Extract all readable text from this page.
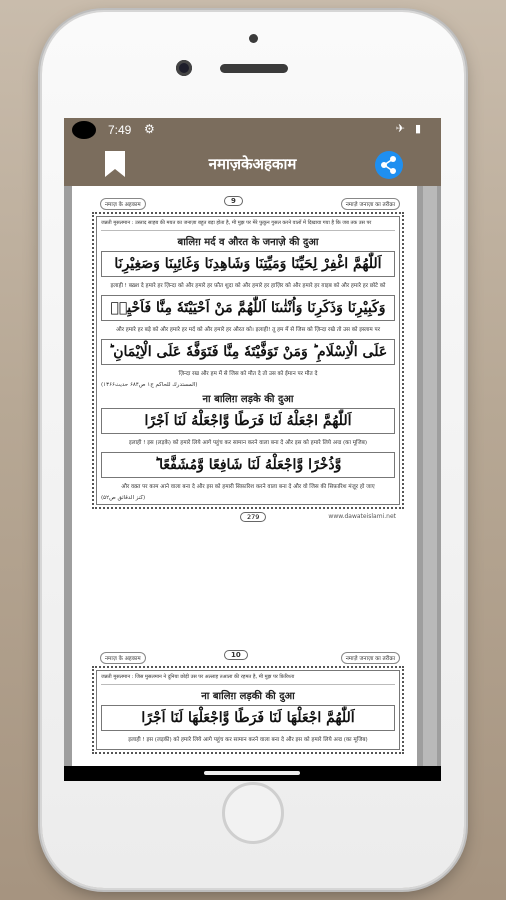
7:49 ⚙	✈ ▮
नमाज़केअहकाम
नमाज़ के अहकाम	9	नमाज़े जनाज़ा का तरीक़ा
जन्नती मुसलमान : उस्ताद साहब की मयत का जनाज़ा बहुत बड़ा होता है, मी मुझ पर मेरे फुकुन गुसल करने वालों में दिखाया गया है कि जब तक उस पर
बालिग़ मर्द व औरत के जनाज़े की दुआ
اَللّٰهُمَّ اغْفِرْ لِحَیِّنَا وَمَیِّتِنَا وَشَاهِدِنَا وَغَائِبِنَا وَصَغِیْرِنَا
इलाही ! बख़्श दे हमारे हर ज़िन्दा को और हमारे हर फ़ौत शुदा को और हमारे हर हाज़िर को और हमारे हर ग़ाइब को और हमारे हर छोटे को
وَكَبِیْرِنَا وَذَكَرِنَا وَاُنْثٰىنَا اَللّٰهُمَّ مَنْ اَحْیَیْتَهٗ مِنَّا فَاَحْیِهٖ
और हमारे हर बड़े को और हमारे हर मर्द को और हमारे हर औरत को। इलाही! तू हम में से जिस को ज़िन्दा रखे तो उस को इस्लाम पर
عَلَى الْاِسْلَامِ ؕ وَمَنْ تَوَفَّیْتَهٗ مِنَّا فَتَوَفَّهٗ عَلَى الْاِیْمَانِ ؕ
ज़िन्दा रख और हम में से जिस को मौत दे तो उस को ईमान पर मौत दे
(المستدرك للحاكم ج۱ ص۶۸۴ حدیث۱۳۶۶)
ना बालिग़ लड़के की दुआ
اَللّٰهُمَّ اجْعَلْهُ لَنَا فَرَطًا وَّاجْعَلْهُ لَنَا اَجْرًا
इलाही ! इस (लड़के) को हमारे लिये आगे पहुंच कर सामान करने वाला बना दे और इस को हमारे लिये अज्र (का मूजिब)
وَّذُخْرًا وَّاجْعَلْهُ لَنَا شَافِعًا وَّمُشَفَّعًا ؕ
और वक़्त पर काम आने वाला बना दे और इस को हमारी सिफ़ारिश करने वाला बना दे और वो जिस की सिफ़ारिश मंज़ूर हो जाए
(كنز الدقائق ص۵۲)
279	www.dawateislami.net
नमाज़ के अहकाम	10	नमाज़े जनाज़ा का तरीक़ा
जन्नती मुसलमान : जिस मुसलमान ने दुनिया छोड़ी उस पर अल्लाह तआला की रहमत है, मी मुझ पर फ़िरिश्ता
ना बालिग़ लड़की की दुआ
اَللّٰهُمَّ اجْعَلْهَا لَنَا فَرَطًا وَّاجْعَلْهَا لَنَا اَجْرًا
इलाही ! इस (लड़की) को हमारे लिये आगे पहुंच कर सामान करने वाला बना दे और इस को हमारे लिये अज्र (का मूजिब)
